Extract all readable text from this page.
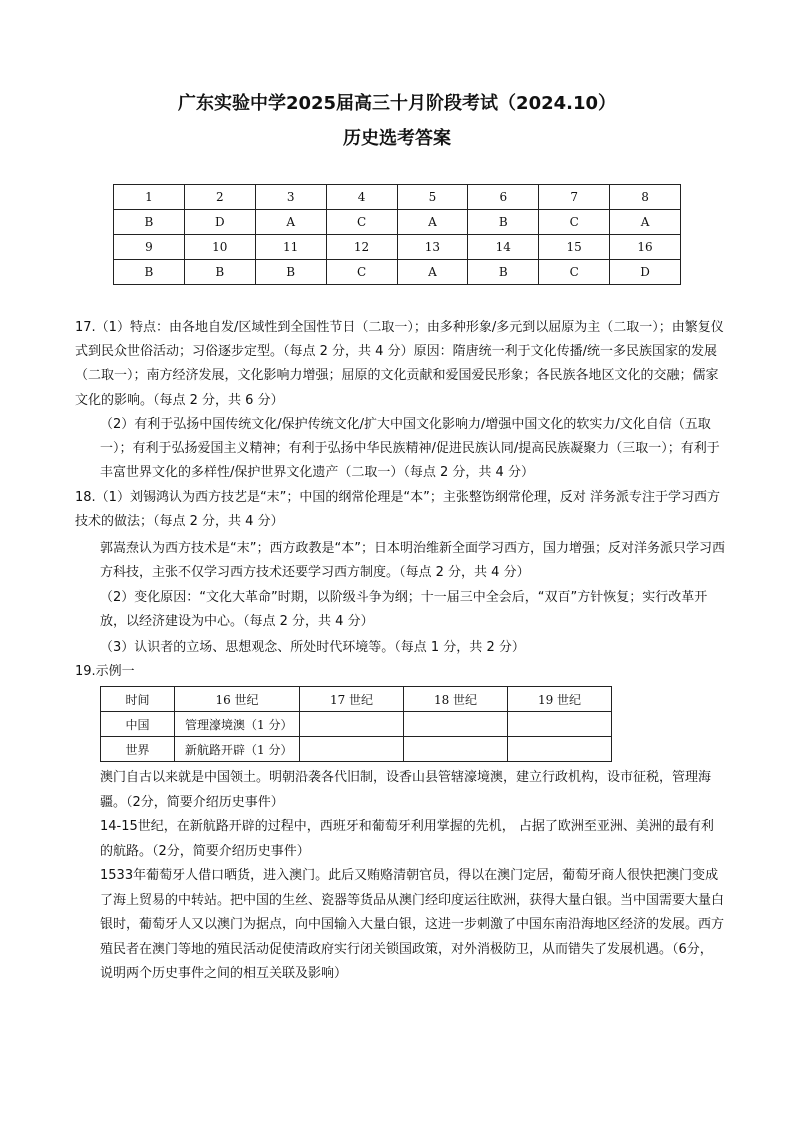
广东实验中学2025届高三十月阶段考试（2024.10）
历史选考答案
1	2	3	4	5	6	7	8
B	D	A	C	A	B	C	A
9	10	11	12	13	14	15	16
B	B	B	C	A	B	C	D
17.（1）特点：由各地自发/区域性到全国性节日（二取一）；由多种形象/多元到以屈原为主（二取一）；由繁复仪式到民众世俗活动；习俗逐步定型。（每点 2 分，共 4 分）原因：隋唐统一利于文化传播/统一多民族国家的发展（二取一）；南方经济发展，文化影响力增强；屈原的文化贡献和爱国爱民形象；各民族各地区文化的交融；儒家文化的影响。（每点 2 分，共 6 分）
（2）有利于弘扬中国传统文化/保护传统文化/扩大中国文化影响力/增强中国文化的软实力/文化自信（五取一）；有利于弘扬爱国主义精神；有利于弘扬中华民族精神/促进民族认同/提高民族凝聚力（三取一）；有利于丰富世界文化的多样性/保护世界文化遗产（二取一）（每点 2 分，共 4 分）
18.（1）刘锡鸿认为西方技艺是“末”；中国的纲常伦理是“本”；主张整饬纲常伦理，反对 洋务派专注于学习西方技术的做法；（每点 2 分，共 4 分）
郭嵩焘认为西方技术是“末”；西方政教是“本”；日本明治维新全面学习西方，国力增强；反对洋务派只学习西方科技，主张不仅学习西方技术还要学习西方制度。（每点 2 分，共 4 分）
（2）变化原因：“文化大革命”时期，以阶级斗争为纲；十一届三中全会后，“双百”方针恢复；实行改革开放，以经济建设为中心。（每点 2 分，共 4 分）
（3）认识者的立场、思想观念、所处时代环境等。（每点 1 分，共 2 分）
19.示例一
时间	16 世纪	17 世纪	18 世纪	19 世纪
中国	管理濠境澳（1 分）			
世界	新航路开辟（1 分）			
澳门自古以来就是中国领土。明朝沿袭各代旧制，设香山县管辖濠境澳，建立行政机构，设市征税，管理海疆。（2分，简要介绍历史事件）
14-15世纪，在新航路开辟的过程中，西班牙和葡萄牙利用掌握的先机， 占据了欧洲至亚洲、美洲的最有利的航路。（2分，简要介绍历史事件）
1533年葡萄牙人借口晒货，进入澳门。此后又贿赂清朝官员，得以在澳门定居，葡萄牙商人很快把澳门变成了海上贸易的中转站。把中国的生丝、瓷器等货品从澳门经印度运往欧洲，获得大量白银。当中国需要大量白银时，葡萄牙人又以澳门为据点，向中国输入大量白银，这进一步刺激了中国东南沿海地区经济的发展。西方殖民者在澳门等地的殖民活动促使清政府实行闭关锁国政策，对外消极防卫，从而错失了发展机遇。（6分，说明两个历史事件之间的相互关联及影响）
